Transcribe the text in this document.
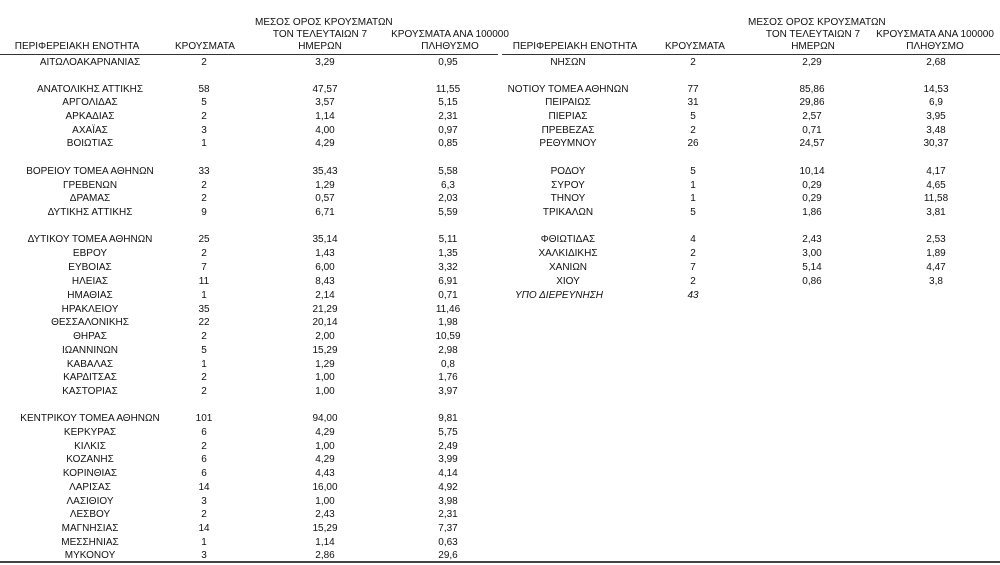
ΠΕΡΙΦΕΡΕΙΑΚΗ ΕΝΟΤΗΤΑ	ΚΡΟΥΣΜΑΤΑ
ΜΕΣΟΣ ΟΡΟΣ ΚΡΟΥΣΜΑΤΩΝ
ΤΟΝ ΤΕΛΕΥΤΑΙΩΝ 7
ΗΜΕΡΩΝ
ΚΡΟΥΣΜΑΤΑ ΑΝΑ 100000
ΠΛΗΘΥΣΜΟ	ΠΕΡΙΦΕΡΕΙΑΚΗ ΕΝΟΤΗΤΑ	ΚΡΟΥΣΜΑΤΑ
ΜΕΣΟΣ ΟΡΟΣ ΚΡΟΥΣΜΑΤΩΝ
ΤΟΝ ΤΕΛΕΥΤΑΙΩΝ 7
ΗΜΕΡΩΝ
ΚΡΟΥΣΜΑΤΑ ΑΝΑ 100000
ΠΛΗΘΥΣΜΟ
ΑΙΤΩΛΟΑΚΑΡΝΑΝΙΑΣ	2	3,29	0,95
ΑΝΑΤΟΛΙΚΗΣ ΑΤΤΙΚΗΣ	58	47,57	11,55
ΑΡΓΟΛΙΔΑΣ	5	3,57	5,15
ΑΡΚΑΔΙΑΣ	2	1,14	2,31
ΑΧΑΪΑΣ	3	4,00	0,97
ΒΟΙΩΤΙΑΣ	1	4,29	0,85
ΒΟΡΕΙΟΥ ΤΟΜΕΑ ΑΘΗΝΩΝ	33	35,43	5,58
ΓΡΕΒΕΝΩΝ	2	1,29	6,3
ΔΡΑΜΑΣ	2	0,57	2,03
ΔΥΤΙΚΗΣ ΑΤΤΙΚΗΣ	9	6,71	5,59
ΔΥΤΙΚΟΥ ΤΟΜΕΑ ΑΘΗΝΩΝ	25	35,14	5,11
ΕΒΡΟΥ	2	1,43	1,35
ΕΥΒΟΙΑΣ	7	6,00	3,32
ΗΛΕΙΑΣ	11	8,43	6,91
ΗΜΑΘΙΑΣ	1	2,14	0,71
ΗΡΑΚΛΕΙΟΥ	35	21,29	11,46
ΘΕΣΣΑΛΟΝΙΚΗΣ	22	20,14	1,98
ΘΗΡΑΣ	2	2,00	10,59
ΙΩΑΝΝΙΝΩΝ	5	15,29	2,98
ΚΑΒΑΛΑΣ	1	1,29	0,8
ΚΑΡΔΙΤΣΑΣ	2	1,00	1,76
ΚΑΣΤΟΡΙΑΣ	2	1,00	3,97
ΚΕΝΤΡΙΚΟΥ ΤΟΜΕΑ ΑΘΗΝΩΝ	101	94,00	9,81
ΚΕΡΚΥΡΑΣ	6	4,29	5,75
ΚΙΛΚΙΣ	2	1,00	2,49
ΚΟΖΑΝΗΣ	6	4,29	3,99
ΚΟΡΙΝΘΙΑΣ	6	4,43	4,14
ΛΑΡΙΣΑΣ	14	16,00	4,92
ΛΑΣΙΘΙΟΥ	3	1,00	3,98
ΛΕΣΒΟΥ	2	2,43	2,31
ΜΑΓΝΗΣΙΑΣ	14	15,29	7,37
ΜΕΣΣΗΝΙΑΣ	1	1,14	0,63
ΜΥΚΟΝΟΥ	3	2,86	29,6
ΝΗΣΩΝ	2	2,29	2,68
ΝΟΤΙΟΥ ΤΟΜΕΑ ΑΘΗΝΩΝ	77	85,86	14,53
ΠΕΙΡΑΙΩΣ	31	29,86	6,9
ΠΙΕΡΙΑΣ	5	2,57	3,95
ΠΡΕΒΕΖΑΣ	2	0,71	3,48
ΡΕΘΥΜΝΟΥ	26	24,57	30,37
ΡΟΔΟΥ	5	10,14	4,17
ΣΥΡΟΥ	1	0,29	4,65
ΤΗΝΟΥ	1	0,29	11,58
ΤΡΙΚΑΛΩΝ	5	1,86	3,81
ΦΘΙΩΤΙΔΑΣ	4	2,43	2,53
ΧΑΛΚΙΔΙΚΗΣ	2	3,00	1,89
ΧΑΝΙΩΝ	7	5,14	4,47
ΧΙΟΥ	2	0,86	3,8
ΥΠΟ ΔΙΕΡΕΥΝΗΣΗ	43
